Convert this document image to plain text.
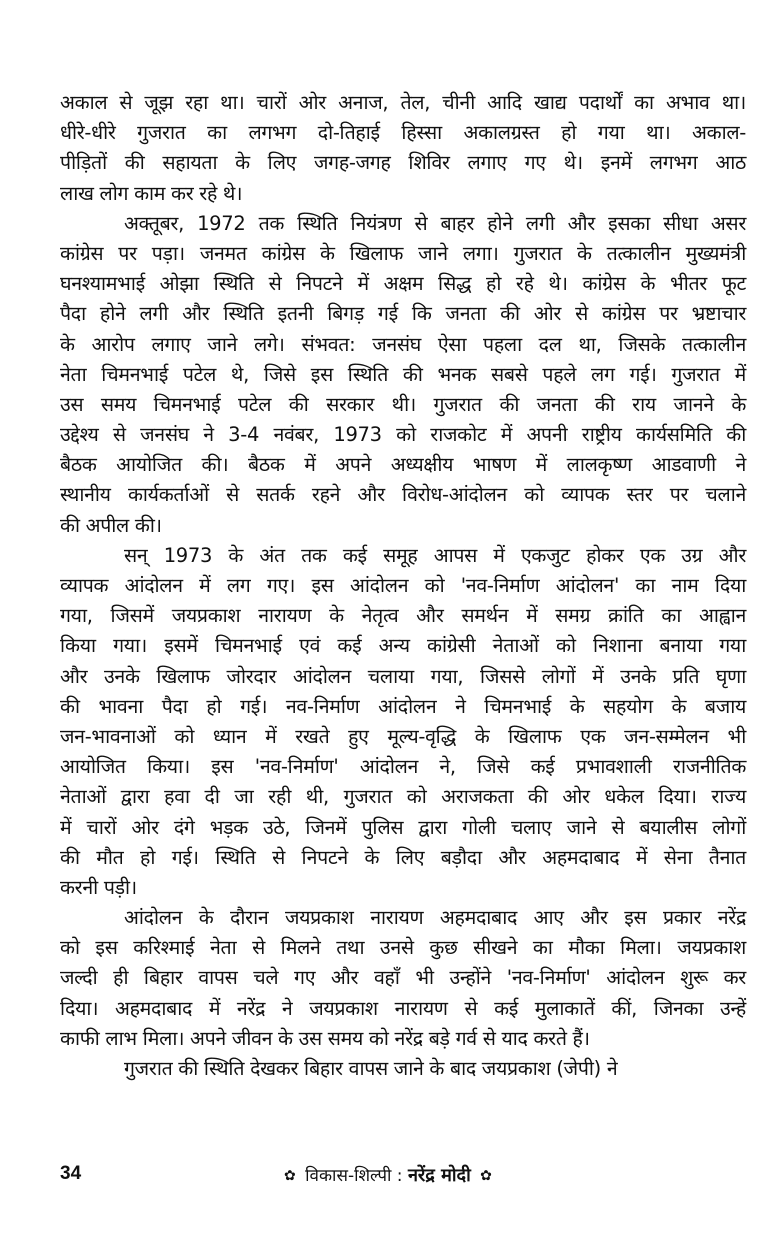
अकाल से जूझ रहा था। चारों ओर अनाज, तेल, चीनी आदि खाद्य पदार्थों का अभाव था।
धीरे-धीरे गुजरात का लगभग दो-तिहाई हिस्सा अकालग्रस्त हो गया था। अकाल-
पीड़ितों की सहायता के लिए जगह-जगह शिविर लगाए गए थे। इनमें लगभग आठ
लाख लोग काम कर रहे थे।
अक्तूबर, 1972 तक स्थिति नियंत्रण से बाहर होने लगी और इसका सीधा असर
कांग्रेस पर पड़ा। जनमत कांग्रेस के खिलाफ जाने लगा। गुजरात के तत्कालीन मुख्यमंत्री
घनश्यामभाई ओझा स्थिति से निपटने में अक्षम सिद्ध हो रहे थे। कांग्रेस के भीतर फूट
पैदा होने लगी और स्थिति इतनी बिगड़ गई कि जनता की ओर से कांग्रेस पर भ्रष्टाचार
के आरोप लगाए जाने लगे। संभवत: जनसंघ ऐसा पहला दल था, जिसके तत्कालीन
नेता चिमनभाई पटेल थे, जिसे इस स्थिति की भनक सबसे पहले लग गई। गुजरात में
उस समय चिमनभाई पटेल की सरकार थी। गुजरात की जनता की राय जानने के
उद्देश्य से जनसंघ ने 3-4 नवंबर, 1973 को राजकोट में अपनी राष्ट्रीय कार्यसमिति की
बैठक आयोजित की। बैठक में अपने अध्यक्षीय भाषण में लालकृष्ण आडवाणी ने
स्थानीय कार्यकर्ताओं से सतर्क रहने और विरोध-आंदोलन को व्यापक स्तर पर चलाने
की अपील की।
सन् 1973 के अंत तक कई समूह आपस में एकजुट होकर एक उग्र और
व्यापक आंदोलन में लग गए। इस आंदोलन को 'नव-निर्माण आंदोलन' का नाम दिया
गया, जिसमें जयप्रकाश नारायण के नेतृत्व और समर्थन में समग्र क्रांति का आह्वान
किया गया। इसमें चिमनभाई एवं कई अन्य कांग्रेसी नेताओं को निशाना बनाया गया
और उनके खिलाफ जोरदार आंदोलन चलाया गया, जिससे लोगों में उनके प्रति घृणा
की भावना पैदा हो गई। नव-निर्माण आंदोलन ने चिमनभाई के सहयोग के बजाय
जन-भावनाओं को ध्यान में रखते हुए मूल्य-वृद्धि के खिलाफ एक जन-सम्मेलन भी
आयोजित किया। इस 'नव-निर्माण' आंदोलन ने, जिसे कई प्रभावशाली राजनीतिक
नेताओं द्वारा हवा दी जा रही थी, गुजरात को अराजकता की ओर धकेल दिया। राज्य
में चारों ओर दंगे भड़क उठे, जिनमें पुलिस द्वारा गोली चलाए जाने से बयालीस लोगों
की मौत हो गई। स्थिति से निपटने के लिए बड़ौदा और अहमदाबाद में सेना तैनात
करनी पड़ी।
आंदोलन के दौरान जयप्रकाश नारायण अहमदाबाद आए और इस प्रकार नरेंद्र
को इस करिश्माई नेता से मिलने तथा उनसे कुछ सीखने का मौका मिला। जयप्रकाश
जल्दी ही बिहार वापस चले गए और वहाँ भी उन्होंने 'नव-निर्माण' आंदोलन शुरू कर
दिया। अहमदाबाद में नरेंद्र ने जयप्रकाश नारायण से कई मुलाकातें कीं, जिनका उन्हें
काफी लाभ मिला। अपने जीवन के उस समय को नरेंद्र बड़े गर्व से याद करते हैं।
गुजरात की स्थिति देखकर बिहार वापस जाने के बाद जयप्रकाश (जेपी) ने
34	✿ विकास-शिल्पी : नरेंद्र मोदी ✿
